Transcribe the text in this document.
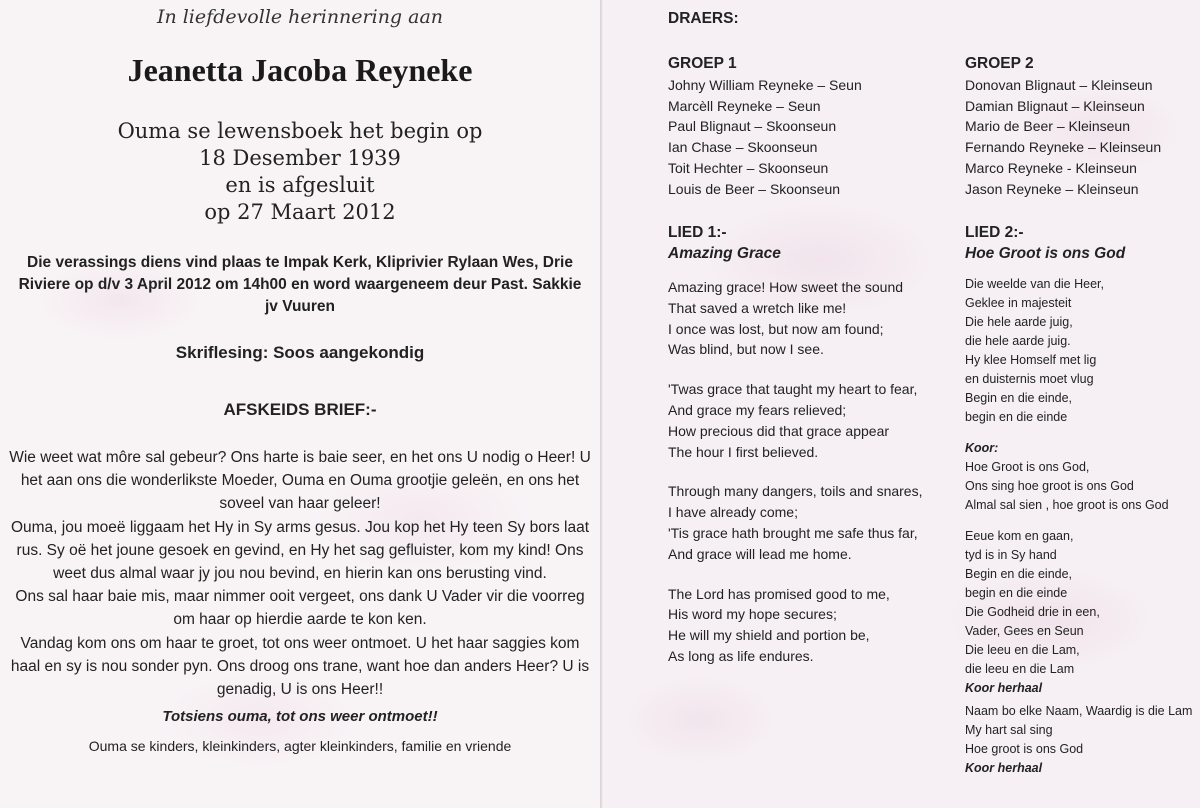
In liefdevolle herinnering aan
Jeanetta Jacoba Reyneke
Ouma se lewensboek het begin op
18 Desember 1939
en is afgesluit
op 27 Maart 2012
Die verassings diens vind plaas te Impak Kerk, Kliprivier Rylaan Wes, Drie Riviere op d/v 3 April 2012 om 14h00 en word waargeneem deur Past. Sakkie jv Vuuren
Skriflesing: Soos aangekondig
AFSKEIDS BRIEF:-

Wie weet wat môre sal gebeur? Ons harte is baie seer, en het ons U nodig o Heer! U het aan ons die wonderlikste Moeder, Ouma en Ouma grootjie geleën, en ons het soveel van haar geleer!

Ouma, jou moeë liggaam het Hy in Sy arms gesus. Jou kop het Hy teen Sy bors laat rus. Sy oë het joune gesoek en gevind, en Hy het sag gefluister, kom my kind! Ons weet dus almal waar jy jou nou bevind, en hierin kan ons berusting vind.

Ons sal haar baie mis, maar nimmer ooit vergeet, ons dank U Vader vir die voorreg om haar op hierdie aarde te kon ken.

Vandag kom ons om haar te groet, tot ons weer ontmoet. U het haar saggies kom haal en sy is nou sonder pyn. Ons droog ons trane, want hoe dan anders Heer? U is genadig, U is ons Heer!!

Totsiens ouma, tot ons weer ontmoet!!
Ouma se kinders, kleinkinders, agter kleinkinders, familie en vriende
DRAERS:
GROEP 1
Johny William Reyneke – Seun
Marcèll Reyneke – Seun
Paul Blignaut – Skoonseun
Ian Chase – Skoonseun
Toit Hechter – Skoonseun
Louis de Beer – Skoonseun
GROEP 2
Donovan Blignaut – Kleinseun
Damian Blignaut – Kleinseun
Mario de Beer – Kleinseun
Fernando Reyneke – Kleinseun
Marco Reyneke - Kleinseun
Jason Reyneke – Kleinseun
LIED 1:-
Amazing Grace
Amazing grace! How sweet the sound
That saved a wretch like me!
I once was lost, but now am found;
Was blind, but now I see.
'Twas grace that taught my heart to fear,
And grace my fears relieved;
How precious did that grace appear
The hour I first believed.
Through many dangers, toils and snares,
I have already come;
'Tis grace hath brought me safe thus far,
And grace will lead me home.
The Lord has promised good to me,
His word my hope secures;
He will my shield and portion be,
As long as life endures.
LIED 2:-
Hoe Groot is ons God
Die weelde van die Heer,
Geklee in majesteit
Die hele aarde juig,
die hele aarde juig.
Hy klee Homself met lig
en duisternis moet vlug
Begin en die einde,
begin en die einde
Koor:
Hoe Groot is ons God,
Ons sing hoe groot is ons God
Almal sal sien , hoe groot is ons God
Eeue kom en gaan,
tyd is in Sy hand
Begin en die einde,
begin en die einde
Die Godheid drie in een,
Vader, Gees en Seun
Die leeu en die Lam,
die leeu en die Lam
Koor herhaal
Naam bo elke Naam, Waardig is die Lam
My hart sal sing
Hoe groot is ons God
Koor herhaal
